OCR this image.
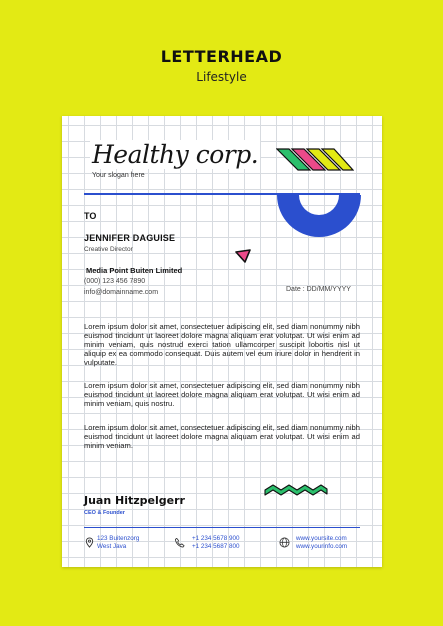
LETTERHEAD
Lifestyle
Healthy corp.
Your slogan here
TO
JENNIFER DAGUISE
Creative Director
Media Point Buiten Limited
(000) 123 456 7890
info@domainname.com	Date : DD/MM/YYYY
Lorem ipsum dolor sit amet, consectetuer adipiscing elit, sed diam nonummy nibh euismod tincidunt ut laoreet dolore magna aliquam erat volutpat. Ut wisi enim ad minim veniam, quis nostrud exerci tation ullamcorper suscipit lobortis nisl ut aliquip ex ea commodo consequat. Duis autem vel eum iriure dolor in hendrerit in vulputate.
Lorem ipsum dolor sit amet, consectetuer adipiscing elit, sed diam nonummy nibh euismod tincidunt ut laoreet dolore magna aliquam erat volutpat. Ut wisi enim ad minim veniam, quis nostru.
Lorem ipsum dolor sit amet, consectetuer adipiscing elit, sed diam nonummy nibh euismod tincidunt ut laoreet dolore magna aliquam erat volutpat. Ut wisi enim ad minim veniam.
Juan Hitzpelgerr
CEO & Founder
123 Buitenzorg
West Java
+1 234 5678 900
+1 234 5687 800
www.yoursite.com
www.yourinfo.com
